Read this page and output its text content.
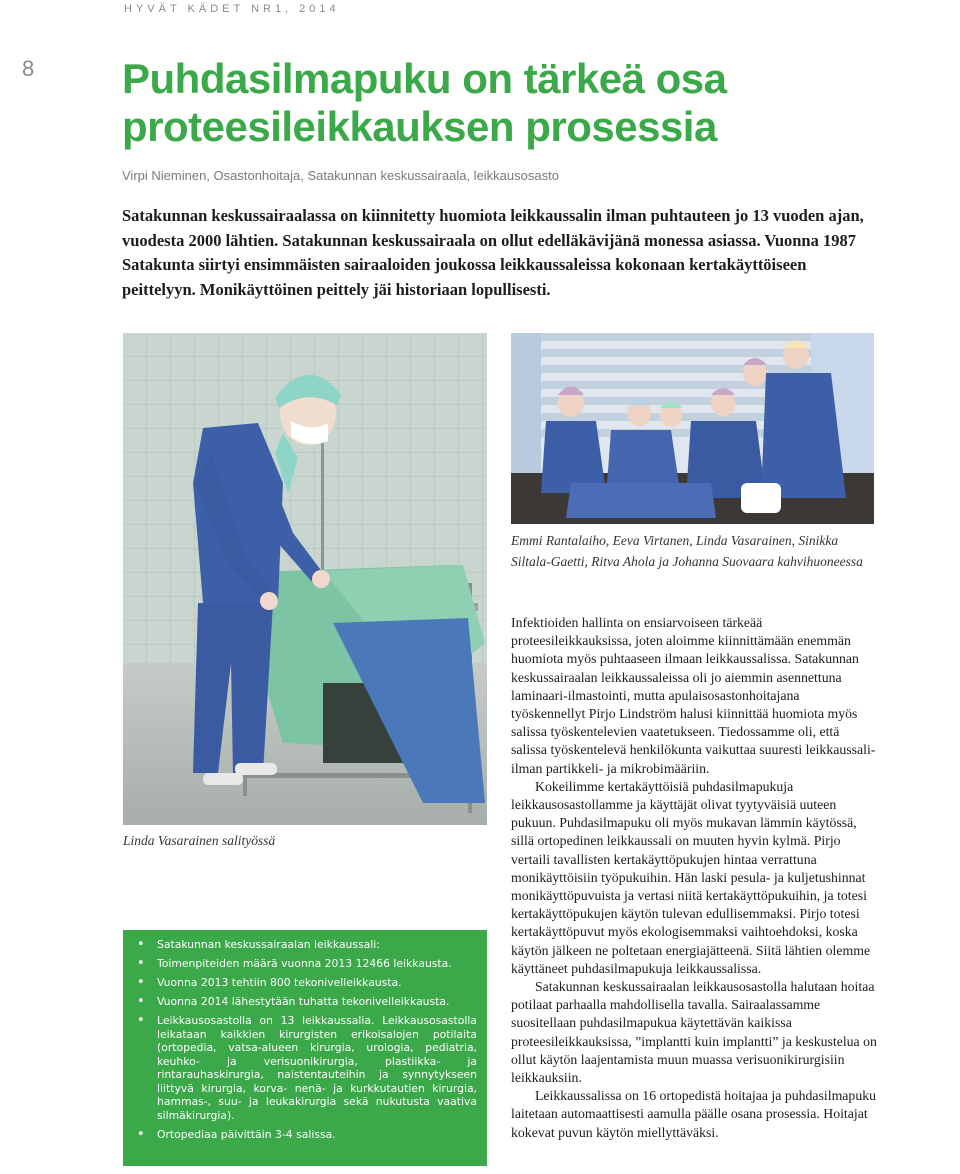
HYVÄT KÄDET NR1, 2014
8 Puhdasilmapuku on tärkeä osa proteesileikkauksen prosessia
Virpi Nieminen, Osastonhoitaja, Satakunnan keskussairaala, leikkausosasto

Satakunnan keskussairaalassa on kiinnitetty huomiota leikkaussalin ilman puhtauteen jo 13 vuoden ajan, vuodesta 2000 lähtien. Satakunnan keskussairaala on ollut edelläkävijänä monessa asiassa. Vuonna 1987 Satakunta siirtyi ensimmäisten sairaaloiden joukossa leikkaussaleissa kokonaan kertakäyttöiseen peittelyyn. Monikäyttöinen peittely jäi historiaan lopullisesti.

Emmi Rantalaiho, Eeva Virtanen, Linda Vasarainen, Sinikka Siltala-Gaetti, Ritva Ahola ja Johanna Suovaara kahvihuoneessa

Linda Vasarainen salityössä

• Satakunnan keskussairaalan leikkaussali:
• Toimenpiteiden määrä vuonna 2013 12466 leikkausta.
• Vuonna 2013 tehtiin 800 tekonivelleikkausta.
• Vuonna 2014 lähestytään tuhatta tekonivelleikkausta.
• Leikkausosastolla on 13 leikkaussalia. Leikkausosastolla leikataan kaikkien kirurgisten erikoisalojen potilaita (ortopedia, vatsa-alueen kirurgia, urologia, pediatria, keuhko- ja verisuonikirurgia, plastiikka- ja rintarauhaskirurgia, naistentauteihin ja synnytykseen liittyvä kirurgia, korva- nenä- ja kurkkutautien kirurgia, hammas-, suu- ja leukakirurgia sekä nukutusta vaativa silmäkirurgia).
• Ortopediaa päivittäin 3-4 salissa.

Infektioiden hallinta on ensiarvoiseen tärkeää proteesileikkauksissa, joten aloimme kiinnittämään enemmän huomiota myös puhtaaseen ilmaan leikkaussalissa. Satakunnan keskussairaalan leikkaussaleissa oli jo aiemmin asennettuna laminaari-ilmastointi, mutta apulaisosastonhoitajana työskennellyt Pirjo Lindström halusi kiinnittää huomiota myös salissa työskentelevien vaatetukseen. Tiedossamme oli, että salissa työskentelevä henkilökunta vaikuttaa suuresti leikkaussali-ilman partikkeli- ja mikrobimääriin.

Kokeilimme kertakäyttöisiä puhdasilmapukuja leikkausosastollamme ja käyttäjät olivat tyytyväisiä uuteen pukuun. Puhdasilmapuku oli myös mukavan lämmin käytössä, sillä ortopedinen leikkaussali on muuten hyvin kylmä. Pirjo vertaili tavallisten kertakäyttöpukujen hintaa verrattuna monikäyttöisiin työpukuihin. Hän laski pesula- ja kuljetushinnat monikäyttöpuvuista ja vertasi niitä kertakäyttöpukuihin, ja totesi kertakäyttöpukujen käytön tulevan edullisemmaksi. Pirjo totesi kertakäyttöpuvut myös ekologisemmaksi vaihtoehdoksi, koska käytön jälkeen ne poltetaan energiajätteenä. Siitä lähtien olemme käyttäneet puhdasilmapukuja leikkaussalissa.

Satakunnan keskussairaalan leikkausosastolla halutaan hoitaa potilaat parhaalla mahdollisella tavalla. Sairaalassamme suositellaan puhdasilmapukua käytettävän kaikissa proteesileikkauksissa, ”implantti kuin implantti” ja keskustelua on ollut käytön laajentamista muun muassa verisuonikirurgisiin leikkauksiin.

Leikkaussalissa on 16 ortopedistä hoitajaa ja puhdasilmapuku laitetaan automaattisesti aamulla päälle osana prosessia. Hoitajat kokevat puvun käytön miellyttäväksi.
